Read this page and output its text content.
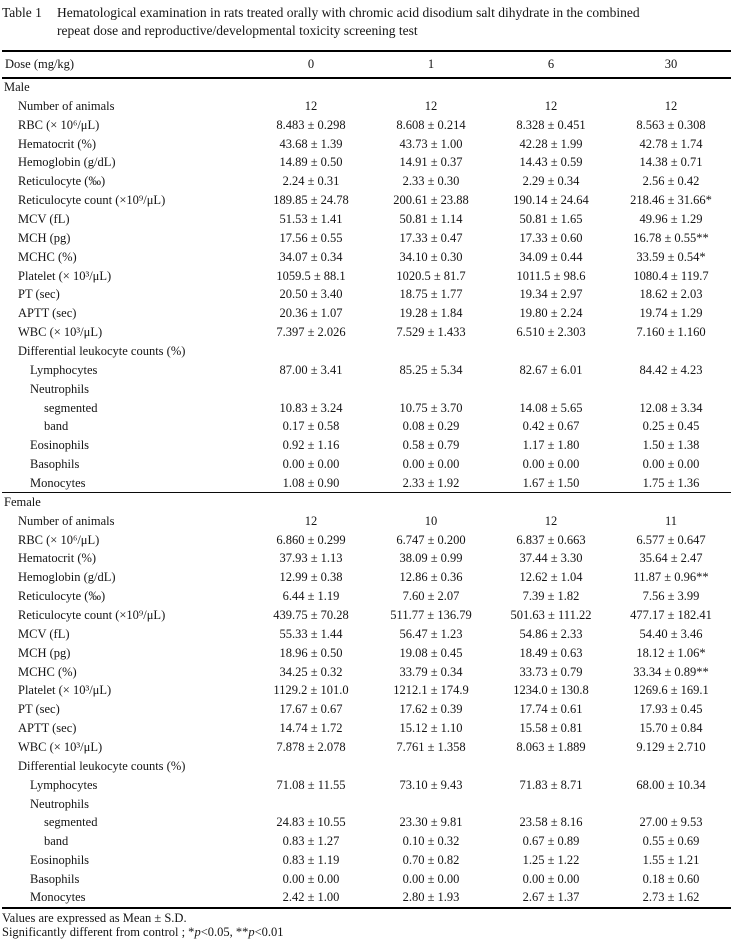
Table 1 Hematological examination in rats treated orally with chromic acid disodium salt dihydrate in the combined
repeat dose and reproductive/developmental toxicity screening test
Dose (mg/kg)	0	1	6	30
Male				
Number of animals	12	12	12	12
RBC (× 10⁶/μL)	8.483 ± 0.298	8.608 ± 0.214	8.328 ± 0.451	8.563 ± 0.308
Hematocrit (%)	43.68 ± 1.39	43.73 ± 1.00	42.28 ± 1.99	42.78 ± 1.74
Hemoglobin (g/dL)	14.89 ± 0.50	14.91 ± 0.37	14.43 ± 0.59	14.38 ± 0.71
Reticulocyte (‰)	2.24 ± 0.31	2.33 ± 0.30	2.29 ± 0.34	2.56 ± 0.42
Reticulocyte count (×10⁹/μL)	189.85 ± 24.78	200.61 ± 23.88	190.14 ± 24.64	218.46 ± 31.66*
MCV (fL)	51.53 ± 1.41	50.81 ± 1.14	50.81 ± 1.65	49.96 ± 1.29
MCH (pg)	17.56 ± 0.55	17.33 ± 0.47	17.33 ± 0.60	16.78 ± 0.55**
MCHC (%)	34.07 ± 0.34	34.10 ± 0.30	34.09 ± 0.44	33.59 ± 0.54*
Platelet (× 10³/μL)	1059.5 ± 88.1	1020.5 ± 81.7	1011.5 ± 98.6	1080.4 ± 119.7
PT (sec)	20.50 ± 3.40	18.75 ± 1.77	19.34 ± 2.97	18.62 ± 2.03
APTT (sec)	20.36 ± 1.07	19.28 ± 1.84	19.80 ± 2.24	19.74 ± 1.29
WBC (× 10³/μL)	7.397 ± 2.026	7.529 ± 1.433	6.510 ± 2.303	7.160 ± 1.160
Differential leukocyte counts (%)				
Lymphocytes	87.00 ± 3.41	85.25 ± 5.34	82.67 ± 6.01	84.42 ± 4.23
Neutrophils				
segmented	10.83 ± 3.24	10.75 ± 3.70	14.08 ± 5.65	12.08 ± 3.34
band	0.17 ± 0.58	0.08 ± 0.29	0.42 ± 0.67	0.25 ± 0.45
Eosinophils	0.92 ± 1.16	0.58 ± 0.79	1.17 ± 1.80	1.50 ± 1.38
Basophils	0.00 ± 0.00	0.00 ± 0.00	0.00 ± 0.00	0.00 ± 0.00
Monocytes	1.08 ± 0.90	2.33 ± 1.92	1.67 ± 1.50	1.75 ± 1.36
Female				
Number of animals	12	10	12	11
RBC (× 10⁶/μL)	6.860 ± 0.299	6.747 ± 0.200	6.837 ± 0.663	6.577 ± 0.647
Hematocrit (%)	37.93 ± 1.13	38.09 ± 0.99	37.44 ± 3.30	35.64 ± 2.47
Hemoglobin (g/dL)	12.99 ± 0.38	12.86 ± 0.36	12.62 ± 1.04	11.87 ± 0.96**
Reticulocyte (‰)	6.44 ± 1.19	7.60 ± 2.07	7.39 ± 1.82	7.56 ± 3.99
Reticulocyte count (×10⁹/μL)	439.75 ± 70.28	511.77 ± 136.79	501.63 ± 111.22	477.17 ± 182.41
MCV (fL)	55.33 ± 1.44	56.47 ± 1.23	54.86 ± 2.33	54.40 ± 3.46
MCH (pg)	18.96 ± 0.50	19.08 ± 0.45	18.49 ± 0.63	18.12 ± 1.06*
MCHC (%)	34.25 ± 0.32	33.79 ± 0.34	33.73 ± 0.79	33.34 ± 0.89**
Platelet (× 10³/μL)	1129.2 ± 101.0	1212.1 ± 174.9	1234.0 ± 130.8	1269.6 ± 169.1
PT (sec)	17.67 ± 0.67	17.62 ± 0.39	17.74 ± 0.61	17.93 ± 0.45
APTT (sec)	14.74 ± 1.72	15.12 ± 1.10	15.58 ± 0.81	15.70 ± 0.84
WBC (× 10³/μL)	7.878 ± 2.078	7.761 ± 1.358	8.063 ± 1.889	9.129 ± 2.710
Differential leukocyte counts (%)				
Lymphocytes	71.08 ± 11.55	73.10 ± 9.43	71.83 ± 8.71	68.00 ± 10.34
Neutrophils				
segmented	24.83 ± 10.55	23.30 ± 9.81	23.58 ± 8.16	27.00 ± 9.53
band	0.83 ± 1.27	0.10 ± 0.32	0.67 ± 0.89	0.55 ± 0.69
Eosinophils	0.83 ± 1.19	0.70 ± 0.82	1.25 ± 1.22	1.55 ± 1.21
Basophils	0.00 ± 0.00	0.00 ± 0.00	0.00 ± 0.00	0.18 ± 0.60
Monocytes	2.42 ± 1.00	2.80 ± 1.93	2.67 ± 1.37	2.73 ± 1.62
Values are expressed as Mean ± S.D.
Significantly different from control ; *p<0.05, **p<0.01
